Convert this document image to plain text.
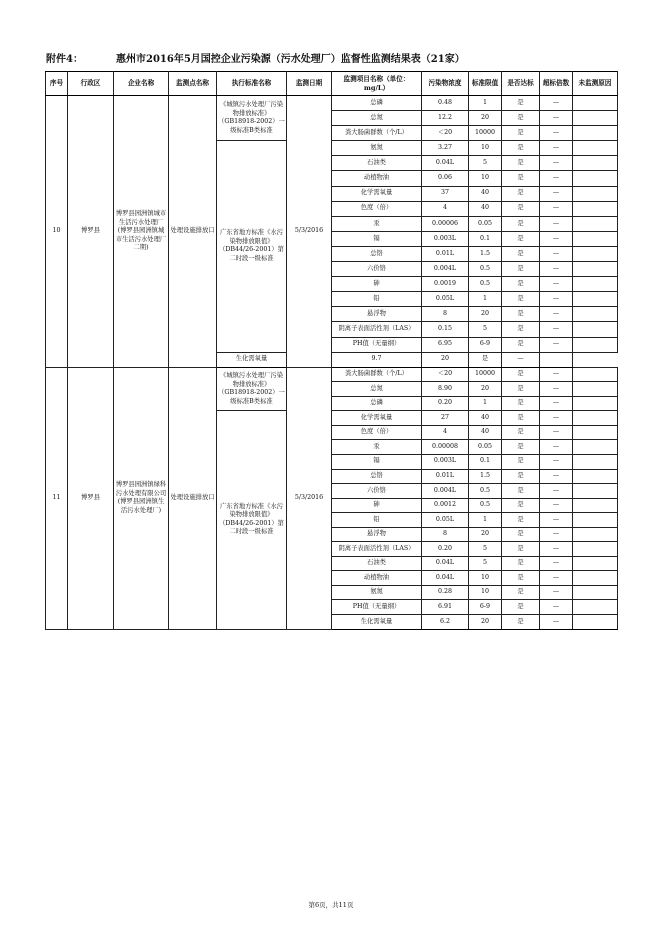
附件4：	惠州市2016年5月国控企业污染源（污水处理厂）监督性监测结果表（21家）
序号	行政区	企业名称	监测点名称	执行标准名称	监测日期	监测项目名称（单位：mg/L）	污染物浓度	标准限值	是否达标	超标倍数	未监测原因
10	博罗县	博罗县园洲镇城市生活污水处理厂(博罗县园洲镇城市生活污水处理厂二期)	处理设施排放口	《城镇污水处理厂污染物排放标准》（GB18918-2002）一级标准B类标准	5/3/2016	总磷	0.48	1	是	—	
						总氮	12.2	20	是	—	
						粪大肠菌群数（个/L）	＜20	10000	是	—	
				广东省地方标准《水污染物排放限值》（DB44/26-2001）第二时段一级标准		氨氮	3.27	10	是	—	
						石油类	0.04L	5	是	—	
						动植物油	0.06	10	是	—	
						化学需氧量	37	40	是	—	
						色度（倍）	4	40	是	—	
						汞	0.00006	0.05	是	—	
						镉	0.003L	0.1	是	—	
						总铬	0.01L	1.5	是	—	
						六价铬	0.004L	0.5	是	—	
						砷	0.0019	0.5	是	—	
						铅	0.05L	1	是	—	
						悬浮物	8	20	是	—	
						阴离子表面活性剂（LAS）	0.15	5	是	—	
						PH值（无量纲）	6.95	6-9	是	—	
				生化需氧量		9.7	20	是	—		
11	博罗县	博罗县园洲镇绿科污水处理有限公司(博罗县园洲镇生活污水处理厂)	处理设施排放口	《城镇污水处理厂污染物排放标准》（GB18918-2002）一级标准B类标准	5/3/2016	粪大肠菌群数（个/L）	＜20	10000	是	—	
						总氮	8.90	20	是	—	
						总磷	0.20	1	是	—	
				广东省地方标准《水污染物排放限值》（DB44/26-2001）第二时段一级标准		化学需氧量	27	40	是	—	
						色度（倍）	4	40	是	—	
						汞	0.00008	0.05	是	—	
						镉	0.003L	0.1	是	—	
						总铬	0.01L	1.5	是	—	
						六价铬	0.004L	0.5	是	—	
						砷	0.0012	0.5	是	—	
						铅	0.05L	1	是	—	
						悬浮物	8	20	是	—	
						阴离子表面活性剂（LAS）	0.20	5	是	—	
						石油类	0.04L	5	是	—	
						动植物油	0.04L	10	是	—	
						氨氮	0.28	10	是	—	
						PH值（无量纲）	6.91	6-9	是	—	
						生化需氧量	6.2	20	是	—	
第6页，共11页
